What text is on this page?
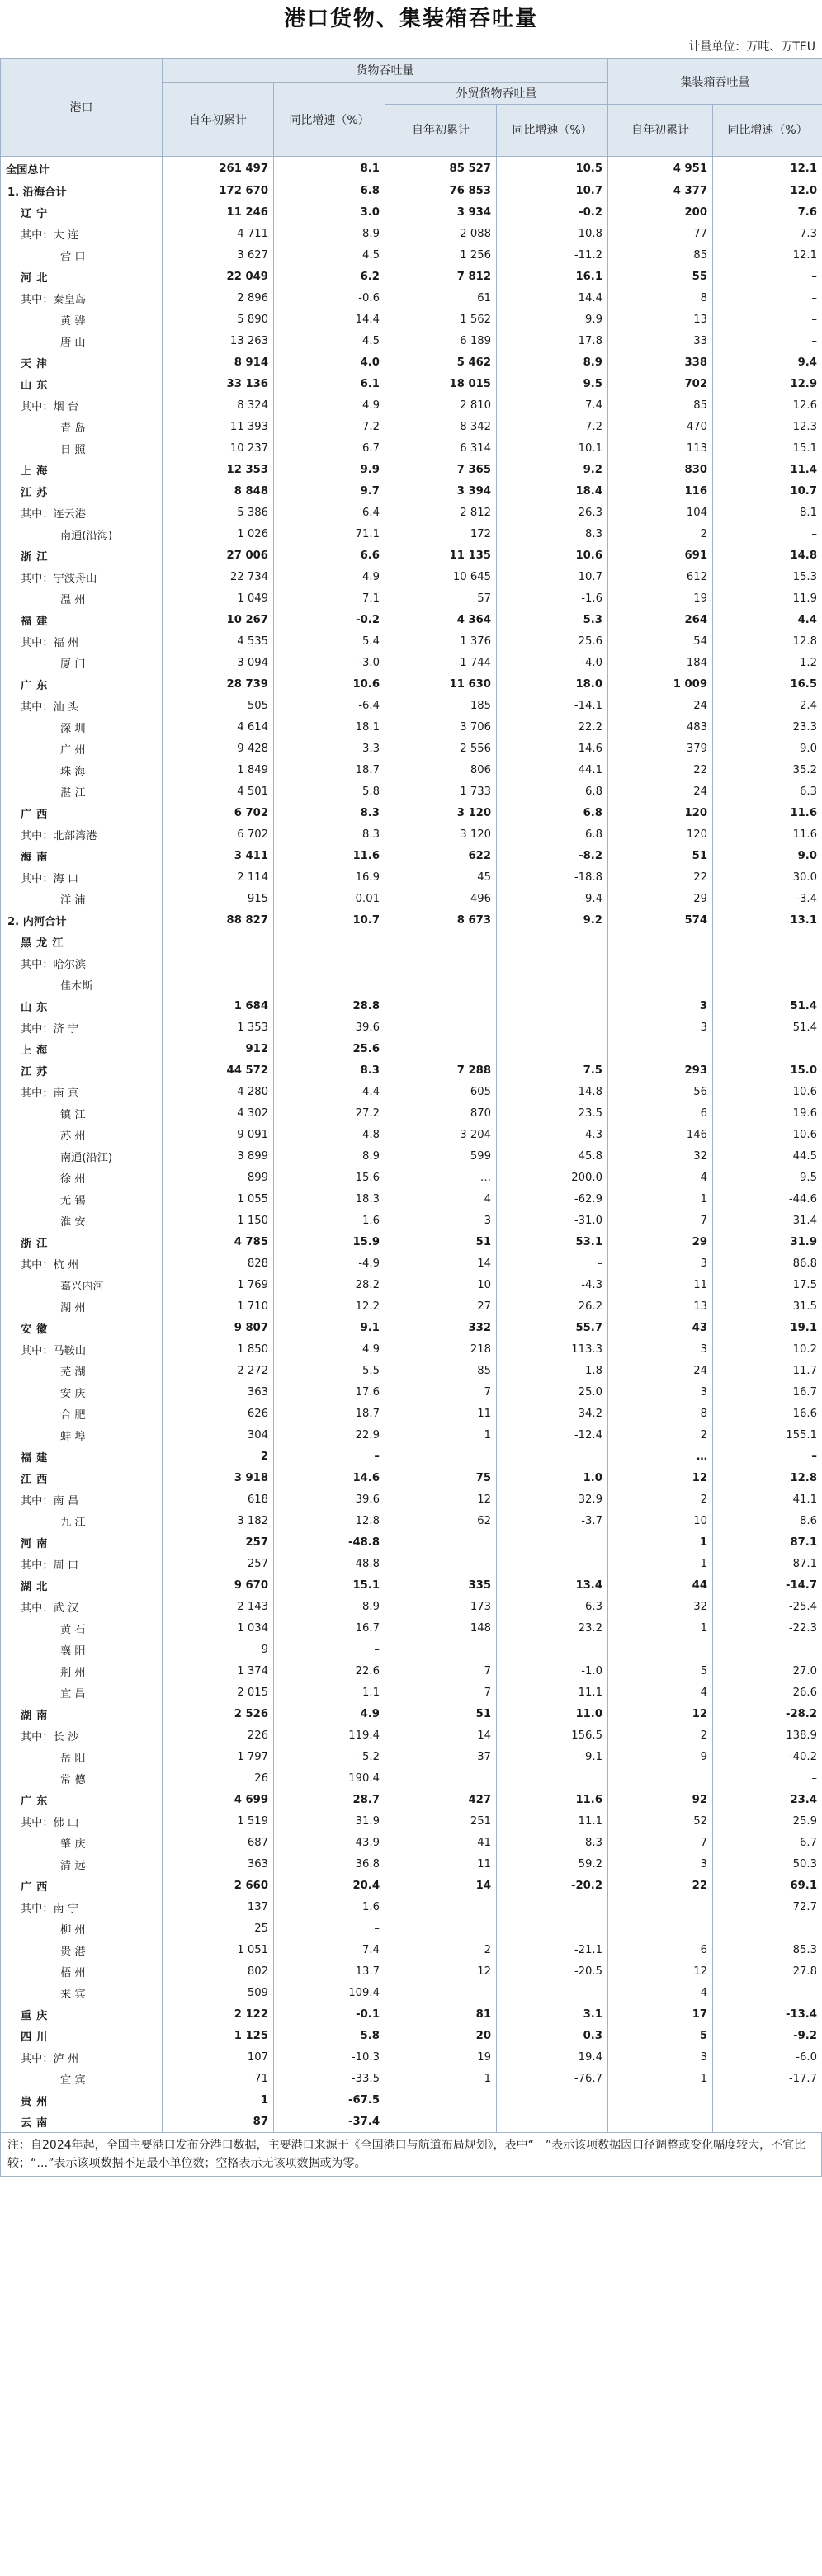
港口货物、集装箱吞吐量
计量单位：万吨、万TEU
港口	货物吞吐量				集装箱吞吐量	
	自年初累计	同比增速（%）	外贸货物吞吐量			
			自年初累计	同比增速（%）	自年初累计	同比增速（%）
全国总计	261 497	8.1	85 527	10.5	4 951	12.1
1. 沿海合计	172 670	6.8	76 853	10.7	4 377	12.0
辽宁	11 246	3.0	3 934	-0.2	200	7.6
其中：大 连	4 711	8.9	2 088	10.8	77	7.3
营 口	3 627	4.5	1 256	-11.2	85	12.1
河北	22 049	6.2	7 812	16.1	55	–
其中：秦皇岛	2 896	-0.6	61	14.4	8	–
黄 骅	5 890	14.4	1 562	9.9	13	–
唐 山	13 263	4.5	6 189	17.8	33	–
天津	8 914	4.0	5 462	8.9	338	9.4
山东	33 136	6.1	18 015	9.5	702	12.9
其中：烟 台	8 324	4.9	2 810	7.4	85	12.6
青 岛	11 393	7.2	8 342	7.2	470	12.3
日 照	10 237	6.7	6 314	10.1	113	15.1
上海	12 353	9.9	7 365	9.2	830	11.4
江苏	8 848	9.7	3 394	18.4	116	10.7
其中：连云港	5 386	6.4	2 812	26.3	104	8.1
南通(沿海)	1 026	71.1	172	8.3	2	–
浙江	27 006	6.6	11 135	10.6	691	14.8
其中：宁波舟山	22 734	4.9	10 645	10.7	612	15.3
温 州	1 049	7.1	57	-1.6	19	11.9
福建	10 267	-0.2	4 364	5.3	264	4.4
其中：福 州	4 535	5.4	1 376	25.6	54	12.8
厦 门	3 094	-3.0	1 744	-4.0	184	1.2
广东	28 739	10.6	11 630	18.0	1 009	16.5
其中：汕 头	505	-6.4	185	-14.1	24	2.4
深 圳	4 614	18.1	3 706	22.2	483	23.3
广 州	9 428	3.3	2 556	14.6	379	9.0
珠 海	1 849	18.7	806	44.1	22	35.2
湛 江	4 501	5.8	1 733	6.8	24	6.3
广西	6 702	8.3	3 120	6.8	120	11.6
其中：北部湾港	6 702	8.3	3 120	6.8	120	11.6
海南	3 411	11.6	622	-8.2	51	9.0
其中：海 口	2 114	16.9	45	-18.8	22	30.0
洋 浦	915	-0.01	496	-9.4	29	-3.4
2. 内河合计	88 827	10.7	8 673	9.2	574	13.1
黑龙江						
其中：哈尔滨						
佳木斯						
山东	1 684	28.8			3	51.4
其中：济 宁	1 353	39.6			3	51.4
上海	912	25.6				
江苏	44 572	8.3	7 288	7.5	293	15.0
其中：南 京	4 280	4.4	605	14.8	56	10.6
镇 江	4 302	27.2	870	23.5	6	19.6
苏 州	9 091	4.8	3 204	4.3	146	10.6
南通(沿江)	3 899	8.9	599	45.8	32	44.5
徐 州	899	15.6	…	200.0	4	9.5
无 锡	1 055	18.3	4	-62.9	1	-44.6
淮 安	1 150	1.6	3	-31.0	7	31.4
浙江	4 785	15.9	51	53.1	29	31.9
其中：杭 州	828	-4.9	14	–	3	86.8
嘉兴内河	1 769	28.2	10	-4.3	11	17.5
湖 州	1 710	12.2	27	26.2	13	31.5
安徽	9 807	9.1	332	55.7	43	19.1
其中：马鞍山	1 850	4.9	218	113.3	3	10.2
芜 湖	2 272	5.5	85	1.8	24	11.7
安 庆	363	17.6	7	25.0	3	16.7
合 肥	626	18.7	11	34.2	8	16.6
蚌 埠	304	22.9	1	-12.4	2	155.1
福建	2	–			…	–
江西	3 918	14.6	75	1.0	12	12.8
其中：南 昌	618	39.6	12	32.9	2	41.1
九 江	3 182	12.8	62	-3.7	10	8.6
河南	257	-48.8			1	87.1
其中：周 口	257	-48.8			1	87.1
湖北	9 670	15.1	335	13.4	44	-14.7
其中：武 汉	2 143	8.9	173	6.3	32	-25.4
黄 石	1 034	16.7	148	23.2	1	-22.3
襄 阳	9	–				
荆 州	1 374	22.6	7	-1.0	5	27.0
宜 昌	2 015	1.1	7	11.1	4	26.6
湖南	2 526	4.9	51	11.0	12	-28.2
其中：长 沙	226	119.4	14	156.5	2	138.9
岳 阳	1 797	-5.2	37	-9.1	9	-40.2
常 德	26	190.4				–
广东	4 699	28.7	427	11.6	92	23.4
其中：佛 山	1 519	31.9	251	11.1	52	25.9
肇 庆	687	43.9	41	8.3	7	6.7
清 远	363	36.8	11	59.2	3	50.3
广西	2 660	20.4	14	-20.2	22	69.1
其中：南 宁	137	1.6				72.7
柳 州	25	–				
贵 港	1 051	7.4	2	-21.1	6	85.3
梧 州	802	13.7	12	-20.5	12	27.8
来 宾	509	109.4			4	–
重庆	2 122	-0.1	81	3.1	17	-13.4
四川	1 125	5.8	20	0.3	5	-9.2
其中：泸 州	107	-10.3	19	19.4	3	-6.0
宜 宾	71	-33.5	1	-76.7	1	-17.7
贵州	1	-67.5				
云南	87	-37.4				
注：自2024年起，全国主要港口发布分港口数据，主要港口来源于《全国港口与航道布局规划》，表中“－”表示该项数据因口径调整或变化幅度较大，不宜比较；“…”表示该项数据不足最小单位数；空格表示无该项数据或为零。
